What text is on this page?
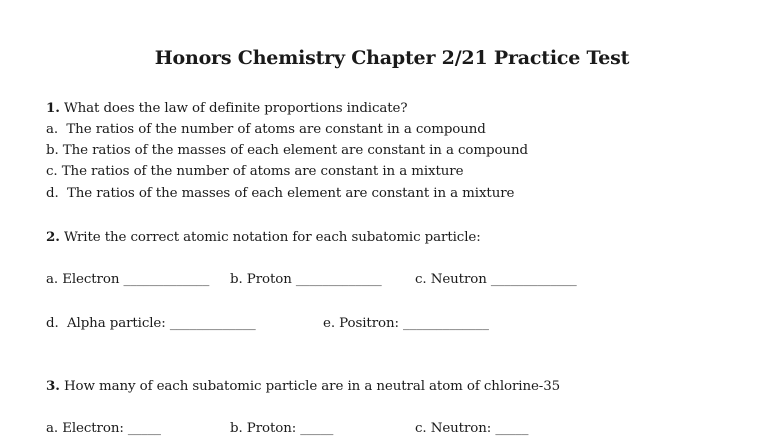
Honors Chemistry Chapter 2/21 Practice Test
1. What does the law of definite proportions indicate?
a.  The ratios of the number of atoms are constant in a compound
b. The ratios of the masses of each element are constant in a compound
c. The ratios of the number of atoms are constant in a mixture
d.  The ratios of the masses of each element are constant in a mixture
2. Write the correct atomic notation for each subatomic particle:
a. Electron _____________ b. Proton _____________ c. Neutron _____________
d.  Alpha particle: _____________	e. Positron: _____________
3. How many of each subatomic particle are in a neutral atom of chlorine-35
a. Electron: _____	b. Proton: _____	c. Neutron: _____
